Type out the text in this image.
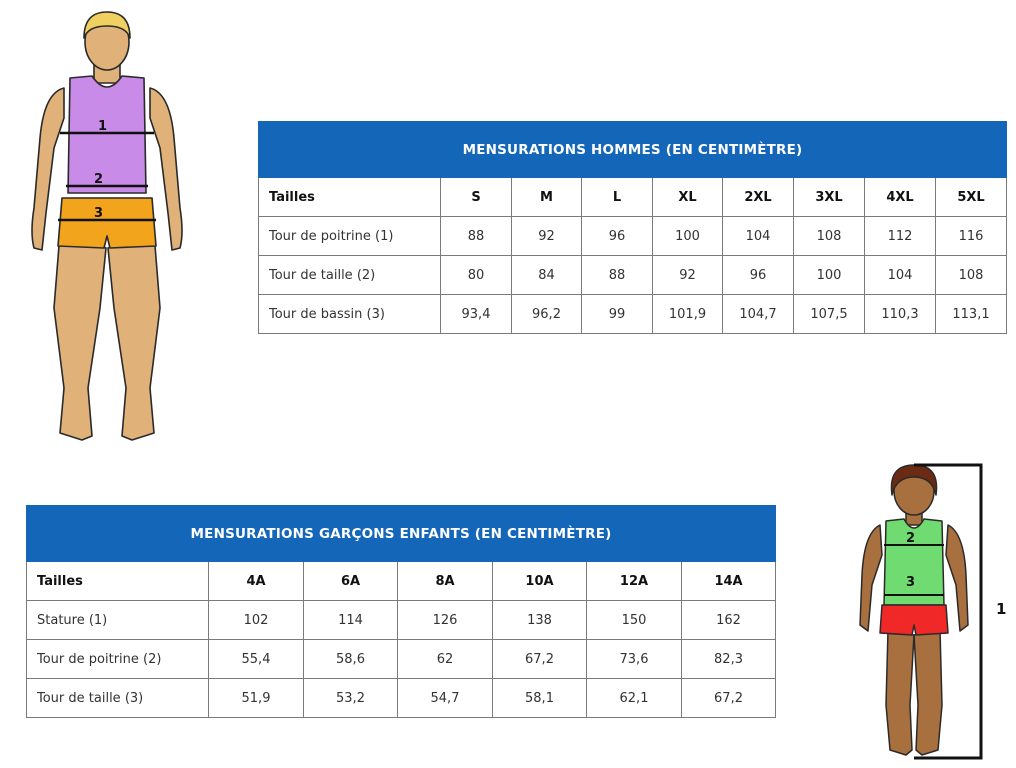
MENSURATIONS HOMMES (EN CENTIMÈTRE)								
Tailles	S	M	L	XL	2XL	3XL	4XL	5XL
Tour de poitrine (1)	88	92	96	100	104	108	112	116
Tour de taille (2)	80	84	88	92	96	100	104	108
Tour de bassin (3)	93,4	96,2	99	101,9	104,7	107,5	110,3	113,1
MENSURATIONS GARÇONS ENFANTS (EN CENTIMÈTRE)						
Tailles	4A	6A	8A	10A	12A	14A
Stature (1)	102	114	126	138	150	162
Tour de poitrine (2)	55,4	58,6	62	67,2	73,6	82,3
Tour de taille (3)	51,9	53,2	54,7	58,1	62,1	67,2
1
2
3
2
3
1
